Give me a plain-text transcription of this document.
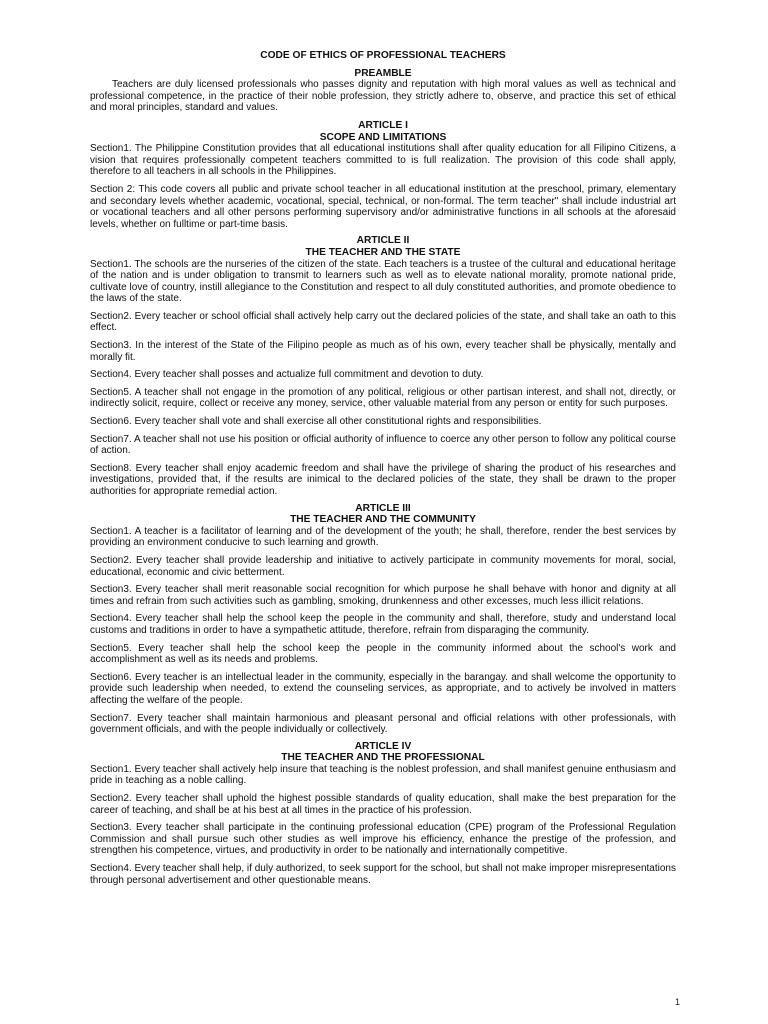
CODE OF ETHICS OF PROFESSIONAL TEACHERS
PREAMBLE

Teachers are duly licensed professionals who passes dignity and reputation with high moral values as well as technical and professional competence, in the practice of their noble profession, they strictly adhere to, observe, and practice this set of ethical and moral principles, standard and values.

ARTICLE I
SCOPE AND LIMITATIONS

Section1. The Philippine Constitution provides that all educational institutions shall after quality education for all Filipino Citizens, a vision that requires professionally competent teachers committed to is full realization. The provision of this code shall apply, therefore to all teachers in all schools in the Philippines.

Section 2: This code covers all public and private school teacher in all educational institution at the preschool, primary, elementary and secondary levels whether academic, vocational, special, technical, or non-formal. The term teacher" shall include industrial art or vocational teachers and all other persons performing supervisory and/or administrative functions in all schools at the aforesaid levels, whether on fulltime or part-time basis.

ARTICLE II
THE TEACHER AND THE STATE

Section1. The schools are the nurseries of the citizen of the state. Each teachers is a trustee of the cultural and educational heritage of the nation and is under obligation to transmit to learners such as well as to elevate national morality, promote national pride, cultivate love of country, instill allegiance to the Constitution and respect to all duly constituted authorities, and promote obedience to the laws of the state.

Section2. Every teacher or school official shall actively help carry out the declared policies of the state, and shall take an oath to this effect.

Section3. In the interest of the State of the Filipino people as much as of his own, every teacher shall be physically, mentally and morally fit.

Section4. Every teacher shall posses and actualize full commitment and devotion to duty.

Section5. A teacher shall not engage in the promotion of any political, religious or other partisan interest, and shall not, directly, or indirectly solicit, require, collect or receive any money, service, other valuable material from any person or entity for such purposes.

Section6. Every teacher shall vote and shall exercise all other constitutional rights and responsibilities.

Section7. A teacher shall not use his position or official authority of influence to coerce any other person to follow any political course of action.

Section8. Every teacher shall enjoy academic freedom and shall have the privilege of sharing the product of his researches and investigations, provided that, if the results are inimical to the declared policies of the state, they shall be drawn to the proper authorities for appropriate remedial action.

ARTICLE III
THE TEACHER AND THE COMMUNITY

Section1. A teacher is a facilitator of learning and of the development of the youth; he shall, therefore, render the best services by providing an environment conducive to such learning and growth.

Section2. Every teacher shall provide leadership and initiative to actively participate in community movements for moral, social, educational, economic and civic betterment.

Section3. Every teacher shall merit reasonable social recognition for which purpose he shall behave with honor and dignity at all times and refrain from such activities such as gambling, smoking, drunkenness and other excesses, much less illicit relations.

Section4. Every teacher shall help the school keep the people in the community and shall, therefore, study and understand local customs and traditions in order to have a sympathetic attitude, therefore, refrain from disparaging the community.

Section5. Every teacher shall help the school keep the people in the community informed about the school's work and accomplishment as well as its needs and problems.

Section6. Every teacher is an intellectual leader in the community, especially in the barangay. and shall welcome the opportunity to provide such leadership when needed, to extend the counseling services, as appropriate, and to actively be involved in matters affecting the welfare of the people.

Section7. Every teacher shall maintain harmonious and pleasant personal and official relations with other professionals, with government officials, and with the people individually or collectively.

ARTICLE IV
THE TEACHER AND THE PROFESSIONAL

Section1. Every teacher shall actively help insure that teaching is the noblest profession, and shall manifest genuine enthusiasm and pride in teaching as a noble calling.

Section2. Every teacher shall uphold the highest possible standards of quality education, shall make the best preparation for the career of teaching, and shall be at his best at all times in the practice of his profession.

Section3. Every teacher shall participate in the continuing professional education (CPE) program of the Professional Regulation Commission and shall pursue such other studies as well improve his efficiency, enhance the prestige of the profession, and strengthen his competence, virtues, and productivity in order to be nationally and internationally competitive.

Section4. Every teacher shall help, if duly authorized, to seek support for the school, but shall not make improper misrepresentations through personal advertisement and other questionable means.

1
